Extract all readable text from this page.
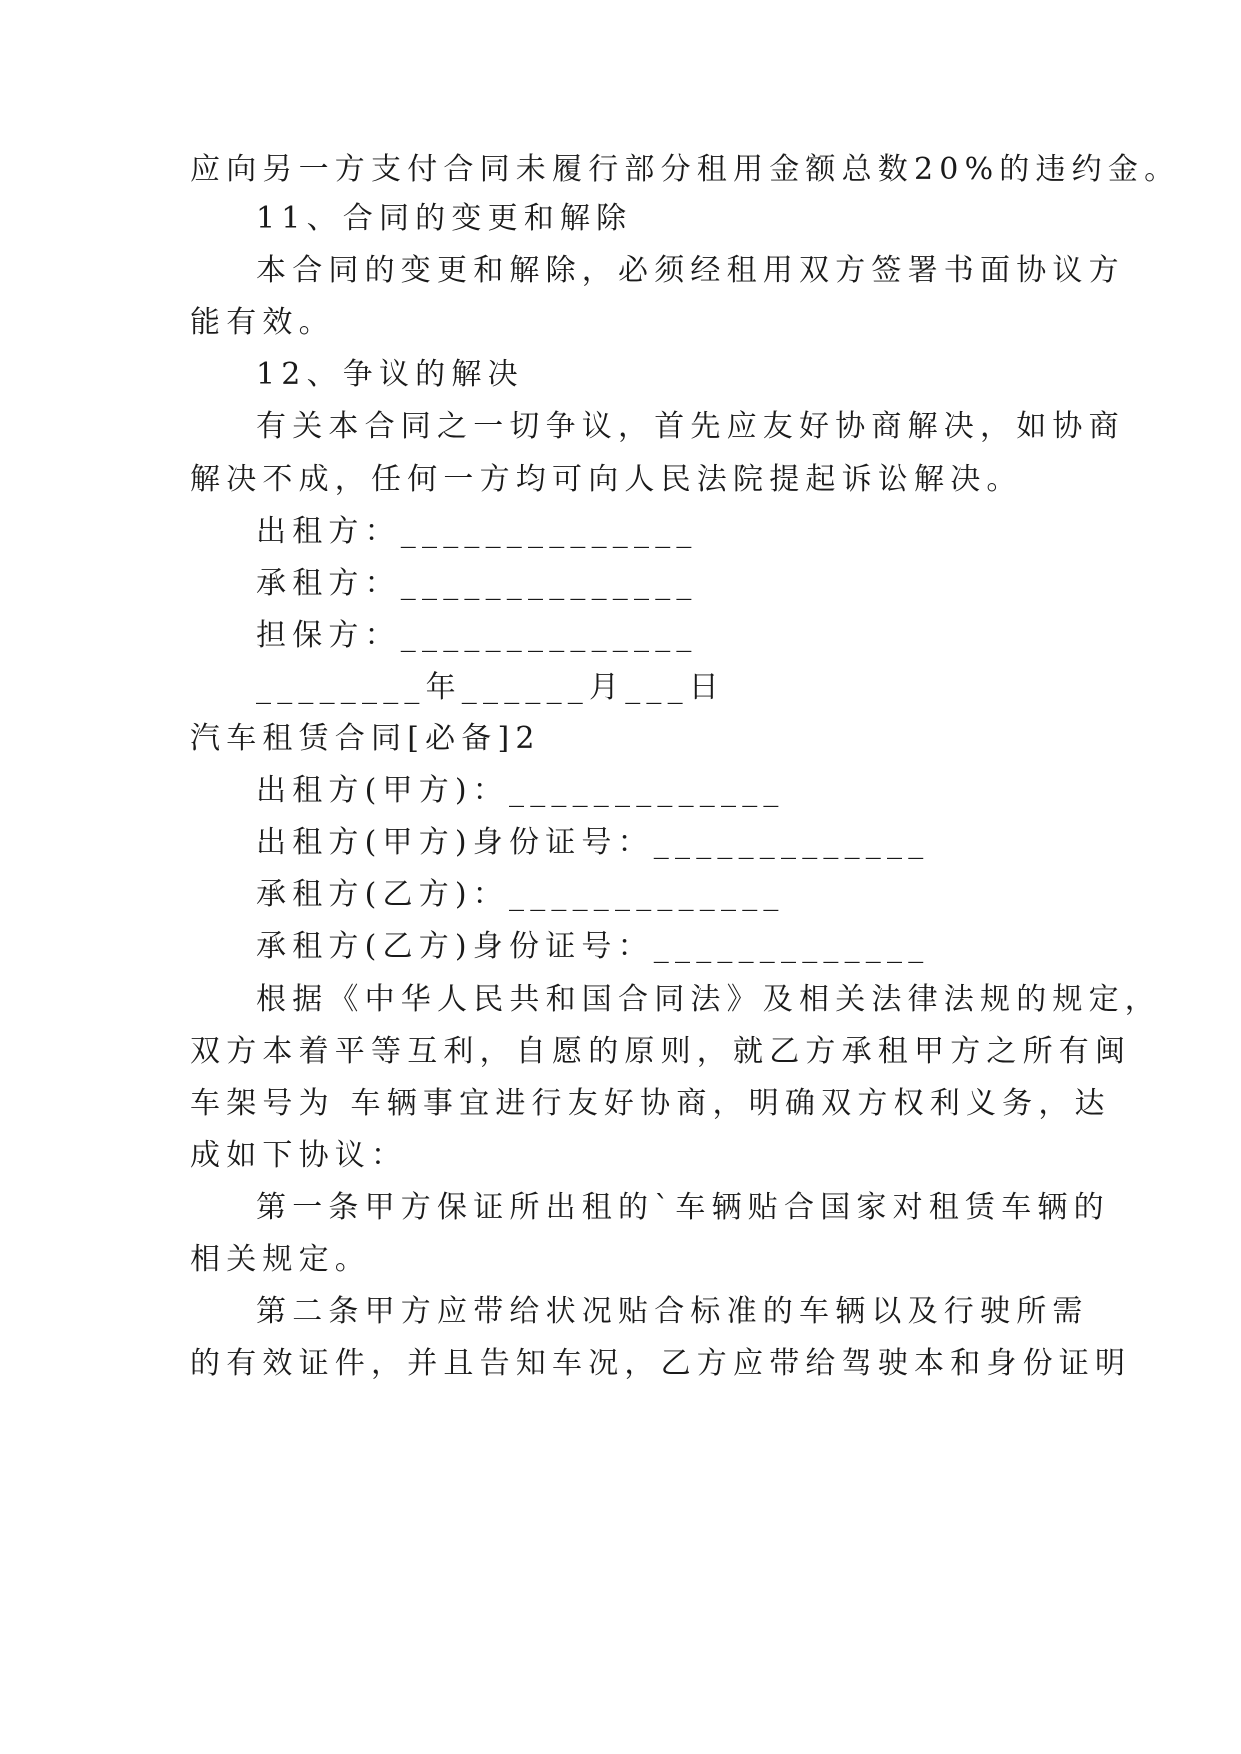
应向另一方支付合同未履行部分租用金额总数20%的违约金。
11、合同的变更和解除
本合同的变更和解除，必须经租用双方签署书面协议方
能有效。
12、争议的解决
有关本合同之一切争议，首先应友好协商解决，如协商
解决不成，任何一方均可向人民法院提起诉讼解决。
出租方：______________
承租方：______________
担保方：______________
________年______月___日
汽车租赁合同[必备]2
出租方(甲方)：_____________
出租方(甲方)身份证号：_____________
承租方(乙方)：_____________
承租方(乙方)身份证号：_____________
根据《中华人民共和国合同法》及相关法律法规的规定，
双方本着平等互利，自愿的原则，就乙方承租甲方之所有闽
车架号为 车辆事宜进行友好协商，明确双方权利义务，达
成如下协议：
第一条甲方保证所出租的`车辆贴合国家对租赁车辆的
相关规定。
第二条甲方应带给状况贴合标准的车辆以及行驶所需
的有效证件，并且告知车况，乙方应带给驾驶本和身份证明
